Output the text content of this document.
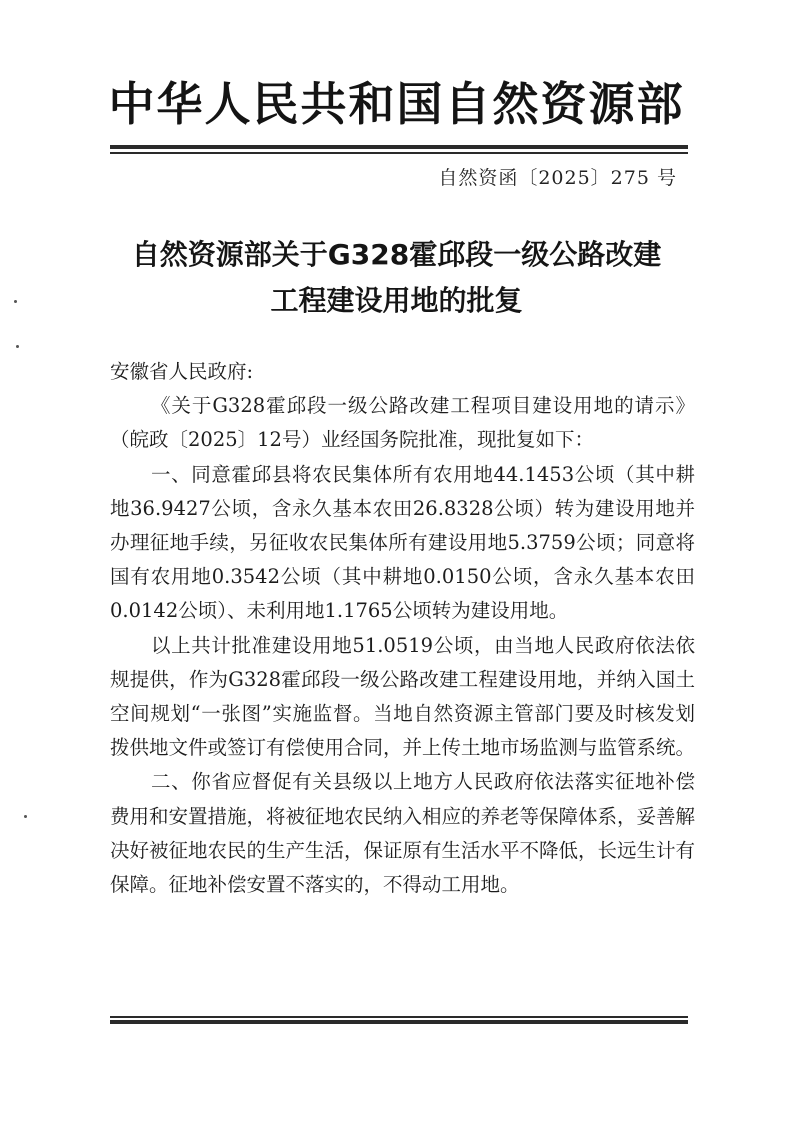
中华人民共和国自然资源部
自然资函〔2025〕275 号
自然资源部关于G328霍邱段一级公路改建
工程建设用地的批复

安徽省人民政府:

《关于G328霍邱段一级公路改建工程项目建设用地的请示》（皖政〔2025〕12号）业经国务院批准，现批复如下：

一、同意霍邱县将农民集体所有农用地44.1453公顷（其中耕地36.9427公顷，含永久基本农田26.8328公顷）转为建设用地并办理征地手续，另征收农民集体所有建设用地5.3759公顷；同意将国有农用地0.3542公顷（其中耕地0.0150公顷，含永久基本农田0.0142公顷）、未利用地1.1765公顷转为建设用地。

以上共计批准建设用地51.0519公顷，由当地人民政府依法依规提供，作为G328霍邱段一级公路改建工程建设用地，并纳入国土空间规划“一张图”实施监督。当地自然资源主管部门要及时核发划拨供地文件或签订有偿使用合同，并上传土地市场监测与监管系统。

二、你省应督促有关县级以上地方人民政府依法落实征地补偿费用和安置措施，将被征地农民纳入相应的养老等保障体系，妥善解决好被征地农民的生产生活，保证原有生活水平不降低，长远生计有保障。征地补偿安置不落实的，不得动工用地。
